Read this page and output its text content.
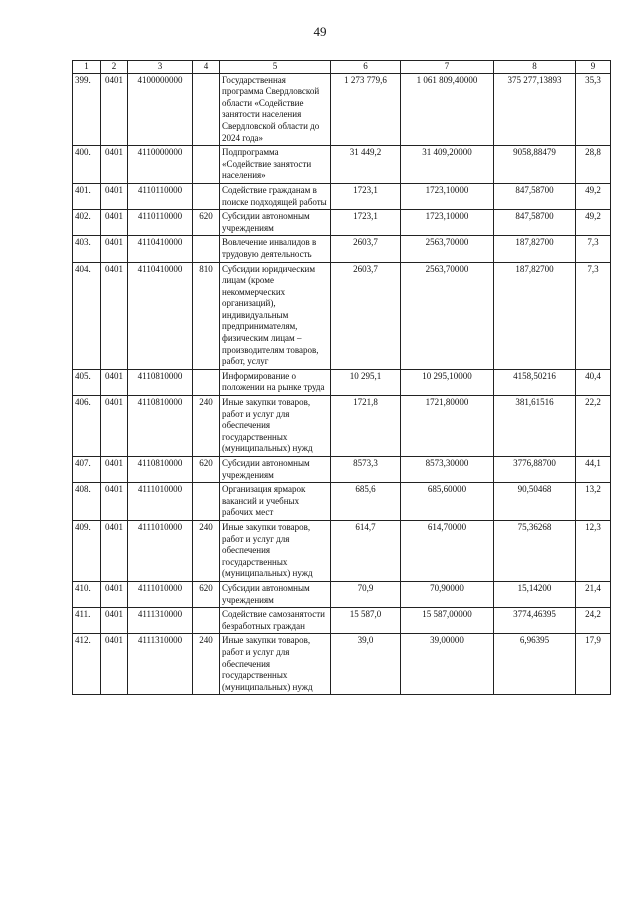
49
1	2	3	4	5	6	7	8	9
399.	0401	4100000000		Государственная программа Свердловской области «Содействие занятости населения Свердловской области до 2024 года»	1 273 779,6	1 061 809,40000	375 277,13893	35,3
400.	0401	4110000000		Подпрограмма «Содействие занятости населения»	31 449,2	31 409,20000	9058,88479	28,8
401.	0401	4110110000		Содействие гражданам в поиске подходящей работы	1723,1	1723,10000	847,58700	49,2
402.	0401	4110110000	620	Субсидии автономным учреждениям	1723,1	1723,10000	847,58700	49,2
403.	0401	4110410000		Вовлечение инвалидов в трудовую деятельность	2603,7	2563,70000	187,82700	7,3
404.	0401	4110410000	810	Субсидии юридическим лицам (кроме некоммерческих организаций), индивидуальным предпринимателям, физическим лицам – производителям товаров, работ, услуг	2603,7	2563,70000	187,82700	7,3
405.	0401	4110810000		Информирование о положении на рынке труда	10 295,1	10 295,10000	4158,50216	40,4
406.	0401	4110810000	240	Иные закупки товаров, работ и услуг для обеспечения государственных (муниципальных) нужд	1721,8	1721,80000	381,61516	22,2
407.	0401	4110810000	620	Субсидии автономным учреждениям	8573,3	8573,30000	3776,88700	44,1
408.	0401	4111010000		Организация ярмарок вакансий и учебных рабочих мест	685,6	685,60000	90,50468	13,2
409.	0401	4111010000	240	Иные закупки товаров, работ и услуг для обеспечения государственных (муниципальных) нужд	614,7	614,70000	75,36268	12,3
410.	0401	4111010000	620	Субсидии автономным учреждениям	70,9	70,90000	15,14200	21,4
411.	0401	4111310000		Содействие самозанятости безработных граждан	15 587,0	15 587,00000	3774,46395	24,2
412.	0401	4111310000	240	Иные закупки товаров, работ и услуг для обеспечения государственных (муниципальных) нужд	39,0	39,00000	6,96395	17,9
